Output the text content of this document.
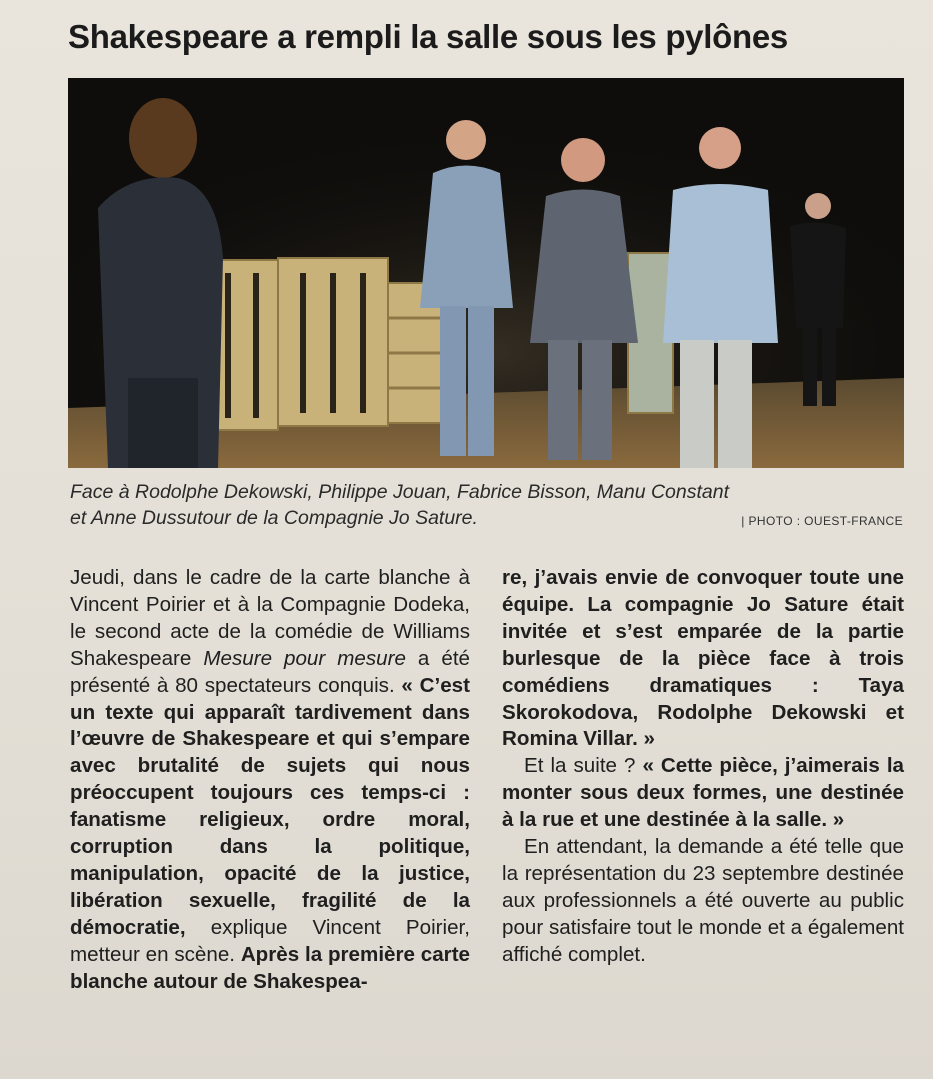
Shakespeare a rempli la salle sous les pylônes
Face à Rodolphe Dekowski, Philippe Jouan, Fabrice Bisson, Manu Constant
et Anne Dussutour de la Compagnie Jo Sature.	| PHOTO : OUEST-FRANCE

Jeudi, dans le cadre de la carte blanche à Vincent Poirier et à la Compagnie Dodeka, le second acte de la comédie de Williams Shakespeare Mesure pour mesure a été présenté à 80 spectateurs conquis. « C’est un texte qui apparaît tardivement dans l’œuvre de Shakespeare et qui s’empare avec brutalité de sujets qui nous préoccupent toujours ces temps-ci : fanatisme religieux, ordre moral, corruption dans la politique, manipulation, opacité de la justice, libération sexuelle, fragilité de la démocratie, explique Vincent Poirier, metteur en scène. Après la première carte blanche autour de Shakespea-

re, j’avais envie de convoquer toute une équipe. La compagnie Jo Sature était invitée et s’est emparée de la partie burlesque de la pièce face à trois comédiens dramatiques : Taya Skorokodova, Rodolphe Dekowski et Romina Villar. »

Et la suite ? « Cette pièce, j’aimerais la monter sous deux formes, une destinée à la rue et une destinée à la salle. »

En attendant, la demande a été telle que la représentation du 23 septembre destinée aux professionnels a été ouverte au public pour satisfaire tout le monde et a également affiché complet.
